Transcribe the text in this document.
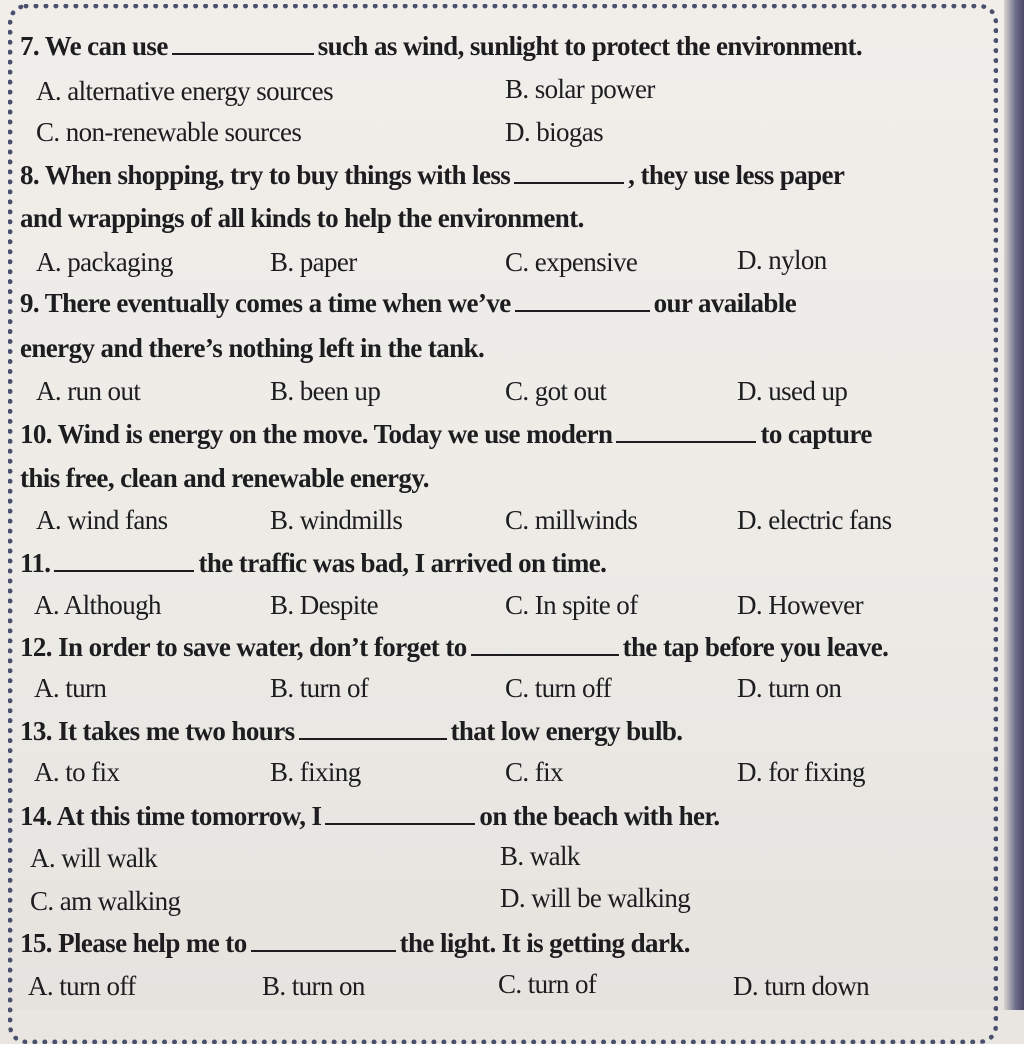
7. We can use	such as wind, sunlight to protect the environment.
A. alternative energy sources	B. solar power
C. non-renewable sources	D. biogas
8. When shopping, try to buy things with less	, they use less paper
and wrappings of all kinds to help the environment.
A. packaging	B. paper	C. expensive	D. nylon
9. There eventually comes a time when we’ve	our available
energy and there’s nothing left in the tank.
A. run out	B. been up	C. got out	D. used up
10. Wind is energy on the move. Today we use modern	to capture
this free, clean and renewable energy.
A. wind fans	B. windmills	C. millwinds	D. electric fans
11.	the traffic was bad, I arrived on time.
A. Although	B. Despite	C. In spite of	D. However
12. In order to save water, don’t forget to	the tap before you leave.
A. turn	B. turn of	C. turn off	D. turn on
13. It takes me two hours	that low energy bulb.
A. to fix	B. fixing	C. fix	D. for fixing
14. At this time tomorrow, I	on the beach with her.
A. will walk	B. walk
C. am walking	D. will be walking
15. Please help me to	the light. It is getting dark.
A. turn off	B. turn on	C. turn of	D. turn down
